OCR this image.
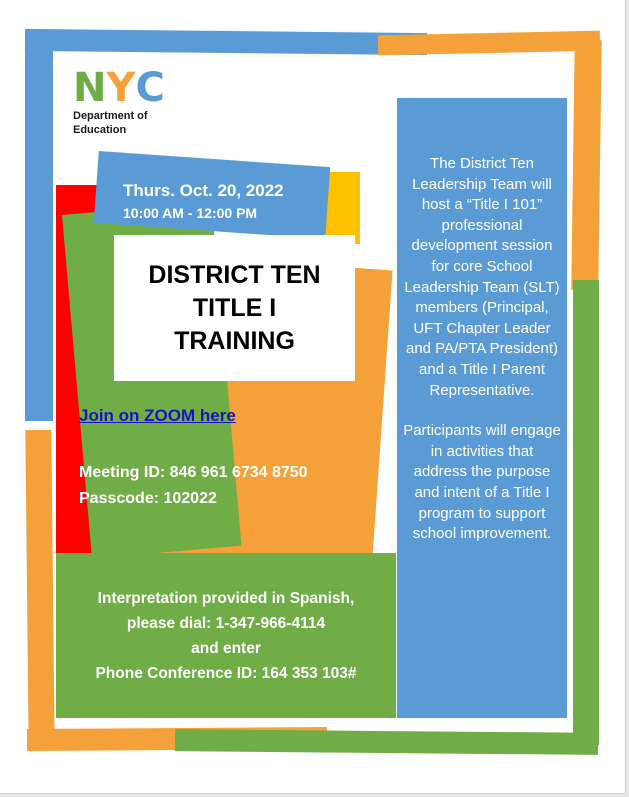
N Y C
Department of
Education
Thurs. Oct. 20, 2022
10:00 AM - 12:00 PM
DISTRICT TEN
TITLE I
TRAINING
Join on ZOOM here
Meeting ID: 846 961 6734 8750
Passcode: 102022
Interpretation provided in Spanish,
please dial: 1-347-966-4114
and enter
Phone Conference ID: 164 353 103#

The District Ten Leadership Team will host a “Title I 101” professional development session for core School Leadership Team (SLT) members (Principal, UFT Chapter Leader and PA/PTA President) and a Title I Parent Representative.

Participants will engage in activities that address the purpose and intent of a Title I program to support school improvement.
